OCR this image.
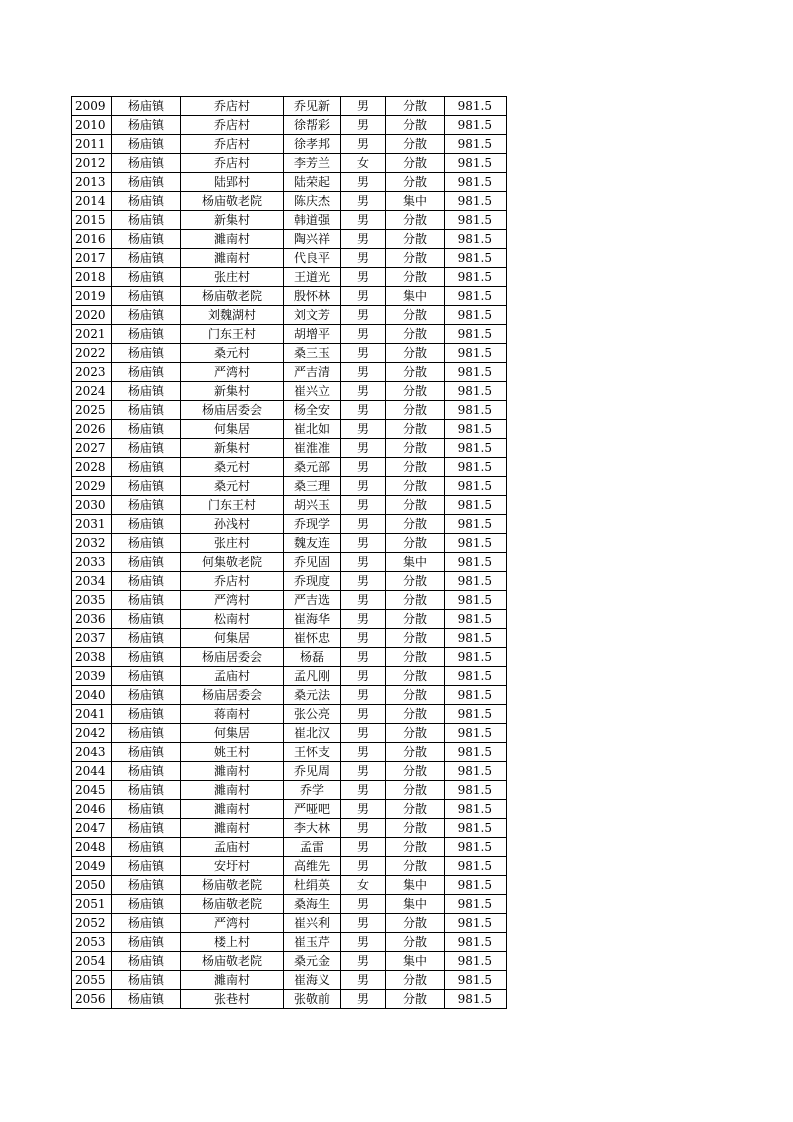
2009	杨庙镇	乔店村	乔见新	男	分散	981.5
2010	杨庙镇	乔店村	徐帮彩	男	分散	981.5
2011	杨庙镇	乔店村	徐孝邦	男	分散	981.5
2012	杨庙镇	乔店村	李芳兰	女	分散	981.5
2013	杨庙镇	陆郢村	陆荣起	男	分散	981.5
2014	杨庙镇	杨庙敬老院	陈庆杰	男	集中	981.5
2015	杨庙镇	新集村	韩道强	男	分散	981.5
2016	杨庙镇	濉南村	陶兴祥	男	分散	981.5
2017	杨庙镇	濉南村	代良平	男	分散	981.5
2018	杨庙镇	张庄村	王道光	男	分散	981.5
2019	杨庙镇	杨庙敬老院	殷怀林	男	集中	981.5
2020	杨庙镇	刘魏湖村	刘文芳	男	分散	981.5
2021	杨庙镇	门东王村	胡增平	男	分散	981.5
2022	杨庙镇	桑元村	桑三玉	男	分散	981.5
2023	杨庙镇	严湾村	严吉清	男	分散	981.5
2024	杨庙镇	新集村	崔兴立	男	分散	981.5
2025	杨庙镇	杨庙居委会	杨全安	男	分散	981.5
2026	杨庙镇	何集居	崔北如	男	分散	981.5
2027	杨庙镇	新集村	崔淮准	男	分散	981.5
2028	杨庙镇	桑元村	桑元部	男	分散	981.5
2029	杨庙镇	桑元村	桑三理	男	分散	981.5
2030	杨庙镇	门东王村	胡兴玉	男	分散	981.5
2031	杨庙镇	孙浅村	乔现学	男	分散	981.5
2032	杨庙镇	张庄村	魏友连	男	分散	981.5
2033	杨庙镇	何集敬老院	乔见固	男	集中	981.5
2034	杨庙镇	乔店村	乔现度	男	分散	981.5
2035	杨庙镇	严湾村	严吉选	男	分散	981.5
2036	杨庙镇	松南村	崔海华	男	分散	981.5
2037	杨庙镇	何集居	崔怀忠	男	分散	981.5
2038	杨庙镇	杨庙居委会	杨磊	男	分散	981.5
2039	杨庙镇	孟庙村	孟凡刚	男	分散	981.5
2040	杨庙镇	杨庙居委会	桑元法	男	分散	981.5
2041	杨庙镇	蒋南村	张公亮	男	分散	981.5
2042	杨庙镇	何集居	崔北汉	男	分散	981.5
2043	杨庙镇	姚王村	王怀支	男	分散	981.5
2044	杨庙镇	濉南村	乔见周	男	分散	981.5
2045	杨庙镇	濉南村	乔学	男	分散	981.5
2046	杨庙镇	濉南村	严哑吧	男	分散	981.5
2047	杨庙镇	濉南村	李大林	男	分散	981.5
2048	杨庙镇	孟庙村	孟雷	男	分散	981.5
2049	杨庙镇	安圩村	高维先	男	分散	981.5
2050	杨庙镇	杨庙敬老院	杜绢英	女	集中	981.5
2051	杨庙镇	杨庙敬老院	桑海生	男	集中	981.5
2052	杨庙镇	严湾村	崔兴利	男	分散	981.5
2053	杨庙镇	楼上村	崔玉芹	男	分散	981.5
2054	杨庙镇	杨庙敬老院	桑元金	男	集中	981.5
2055	杨庙镇	濉南村	崔海义	男	分散	981.5
2056	杨庙镇	张巷村	张敬前	男	分散	981.5
